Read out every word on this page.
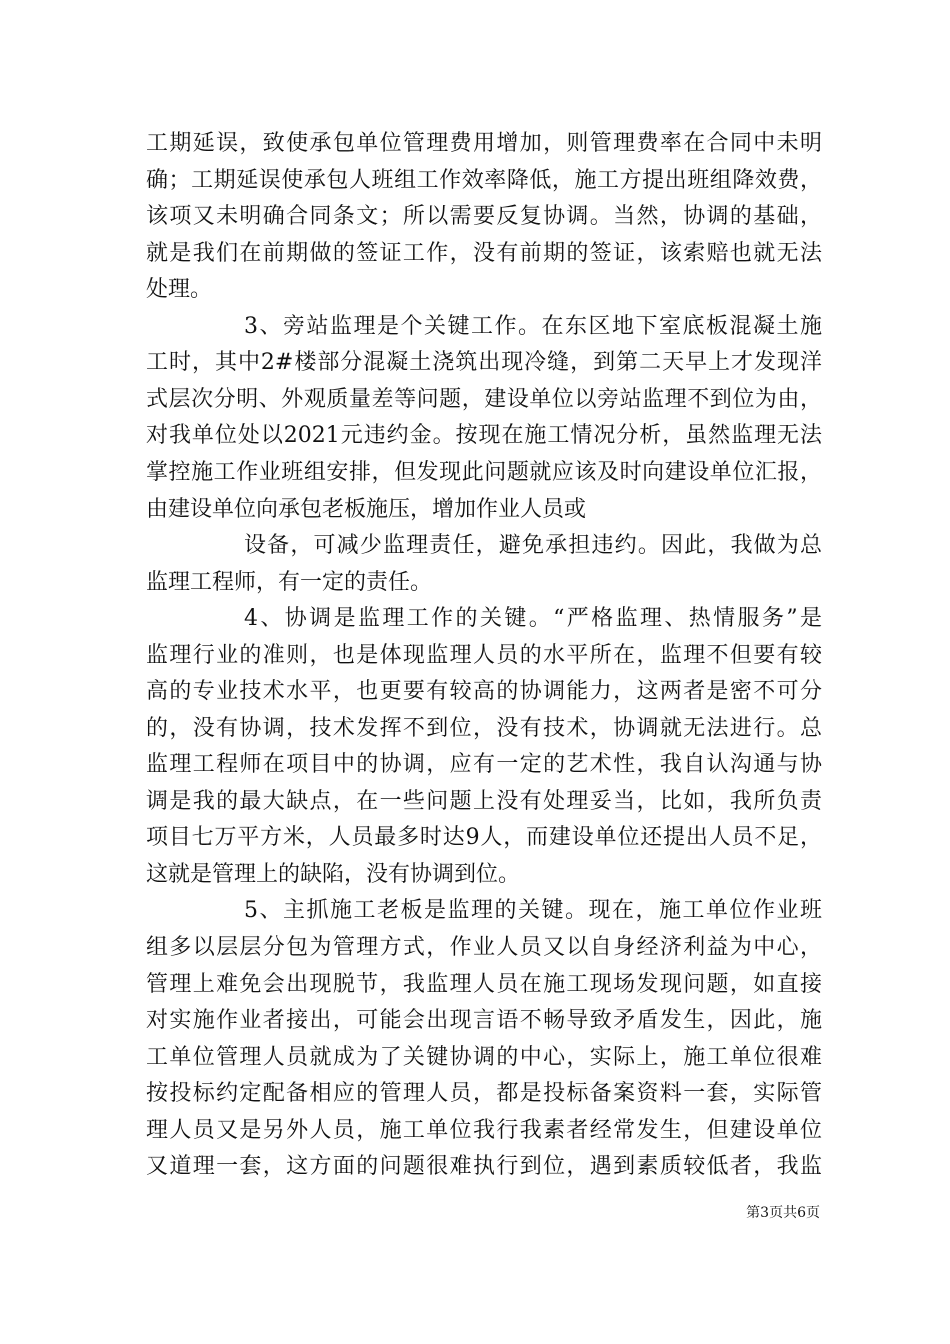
工期延误，致使承包单位管理费用增加，则管理费率在合同中未明
确；工期延误使承包人班组工作效率降低，施工方提出班组降效费，
该项又未明确合同条文；所以需要反复协调。当然，协调的基础，
就是我们在前期做的签证工作，没有前期的签证，该索赔也就无法
处理。
3、旁站监理是个关键工作。在东区地下室底板混凝土施
工时，其中2#楼部分混凝土浇筑出现冷缝，到第二天早上才发现洋
式层次分明、外观质量差等问题，建设单位以旁站监理不到位为由，
对我单位处以2021元违约金。按现在施工情况分析，虽然监理无法
掌控施工作业班组安排，但发现此问题就应该及时向建设单位汇报，
由建设单位向承包老板施压，增加作业人员或
设备，可减少监理责任，避免承担违约。因此，我做为总
监理工程师，有一定的责任。
4、协调是监理工作的关键。“严格监理、热情服务”是
监理行业的准则，也是体现监理人员的水平所在，监理不但要有较
高的专业技术水平，也更要有较高的协调能力，这两者是密不可分
的，没有协调，技术发挥不到位，没有技术，协调就无法进行。总
监理工程师在项目中的协调，应有一定的艺术性，我自认沟通与协
调是我的最大缺点，在一些问题上没有处理妥当，比如，我所负责
项目七万平方米，人员最多时达9人，而建设单位还提出人员不足，
这就是管理上的缺陷，没有协调到位。
5、主抓施工老板是监理的关键。现在，施工单位作业班
组多以层层分包为管理方式，作业人员又以自身经济利益为中心，
管理上难免会出现脱节，我监理人员在施工现场发现问题，如直接
对实施作业者接出，可能会出现言语不畅导致矛盾发生，因此，施
工单位管理人员就成为了关键协调的中心，实际上，施工单位很难
按投标约定配备相应的管理人员，都是投标备案资料一套，实际管
理人员又是另外人员，施工单位我行我素者经常发生，但建设单位
又道理一套，这方面的问题很难执行到位，遇到素质较低者，我监
第3页共6页
